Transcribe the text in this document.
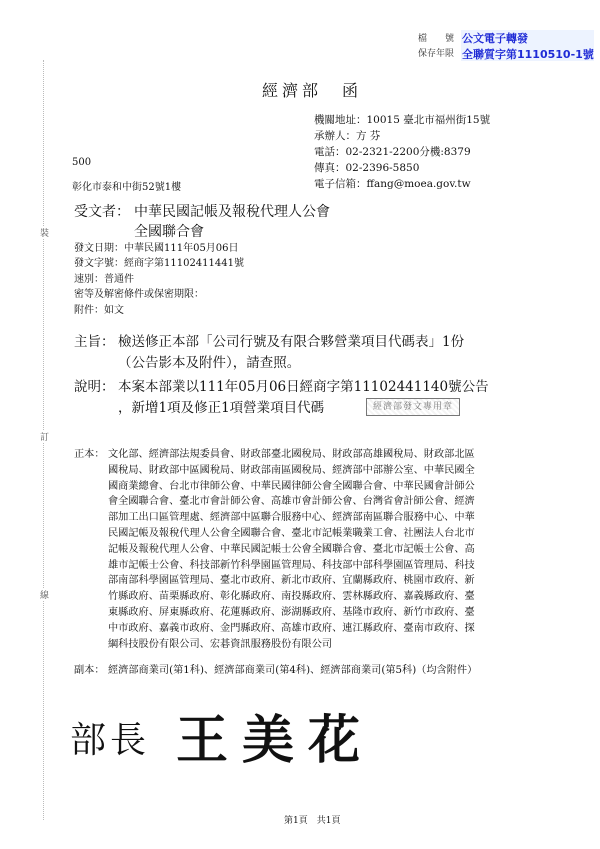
裝
訂
線
檔　　號
保存年限
公文電子轉發
全聯質字第1110510-1號
經濟部　函
機關地址：10015 臺北市福州街15號
承辦人：方 芬
電話：02-2321-2200分機:8379
傳真：02-2396-5850
電子信箱：ffang@moea.gov.tw
500
彰化市泰和中街52號1樓
受文者： 中華民國記帳及報稅代理人公會
全國聯合會
發文日期：中華民國111年05月06日
發文字號：經商字第11102411441號
速別：普通件
密等及解密條件或保密期限：
附件：如文
主旨： 檢送修正本部「公司行號及有限合夥營業項目代碼表」1份
（公告影本及附件），請查照。
說明： 本案本部業以111年05月06日經商字第11102441140號公告
，新增1項及修正1項營業項目代碼	經濟部發文專用章
正本： 文化部、經濟部法規委員會、財政部臺北國稅局、財政部高雄國稅局、財政部北區
國稅局、財政部中區國稅局、財政部南區國稅局、經濟部中部辦公室、中華民國全
國商業總會、台北市律師公會、中華民國律師公會全國聯合會、中華民國會計師公
會全國聯合會、臺北市會計師公會、高雄市會計師公會、台灣省會計師公會、經濟
部加工出口區管理處、經濟部中區聯合服務中心、經濟部南區聯合服務中心、中華
民國記帳及報稅代理人公會全國聯合會、臺北市記帳業職業工會、社團法人台北市
記帳及報稅代理人公會、中華民國記帳士公會全國聯合會、臺北市記帳士公會、高
雄市記帳士公會、科技部新竹科學園區管理局、科技部中部科學園區管理局、科技
部南部科學園區管理局、臺北市政府、新北市政府、宜蘭縣政府、桃園市政府、新
竹縣政府、苗栗縣政府、彰化縣政府、南投縣政府、雲林縣政府、嘉義縣政府、臺
東縣政府、屏東縣政府、花蓮縣政府、澎湖縣政府、基隆市政府、新竹市政府、臺
中市政府、嘉義市政府、金門縣政府、高雄市政府、連江縣政府、臺南市政府、探
綱科技股份有限公司、宏碁資訊服務股份有限公司
副本： 經濟部商業司(第1科)、經濟部商業司(第4科)、經濟部商業司(第5科)（均含附件）
部長 王美花
第1頁　共1頁
